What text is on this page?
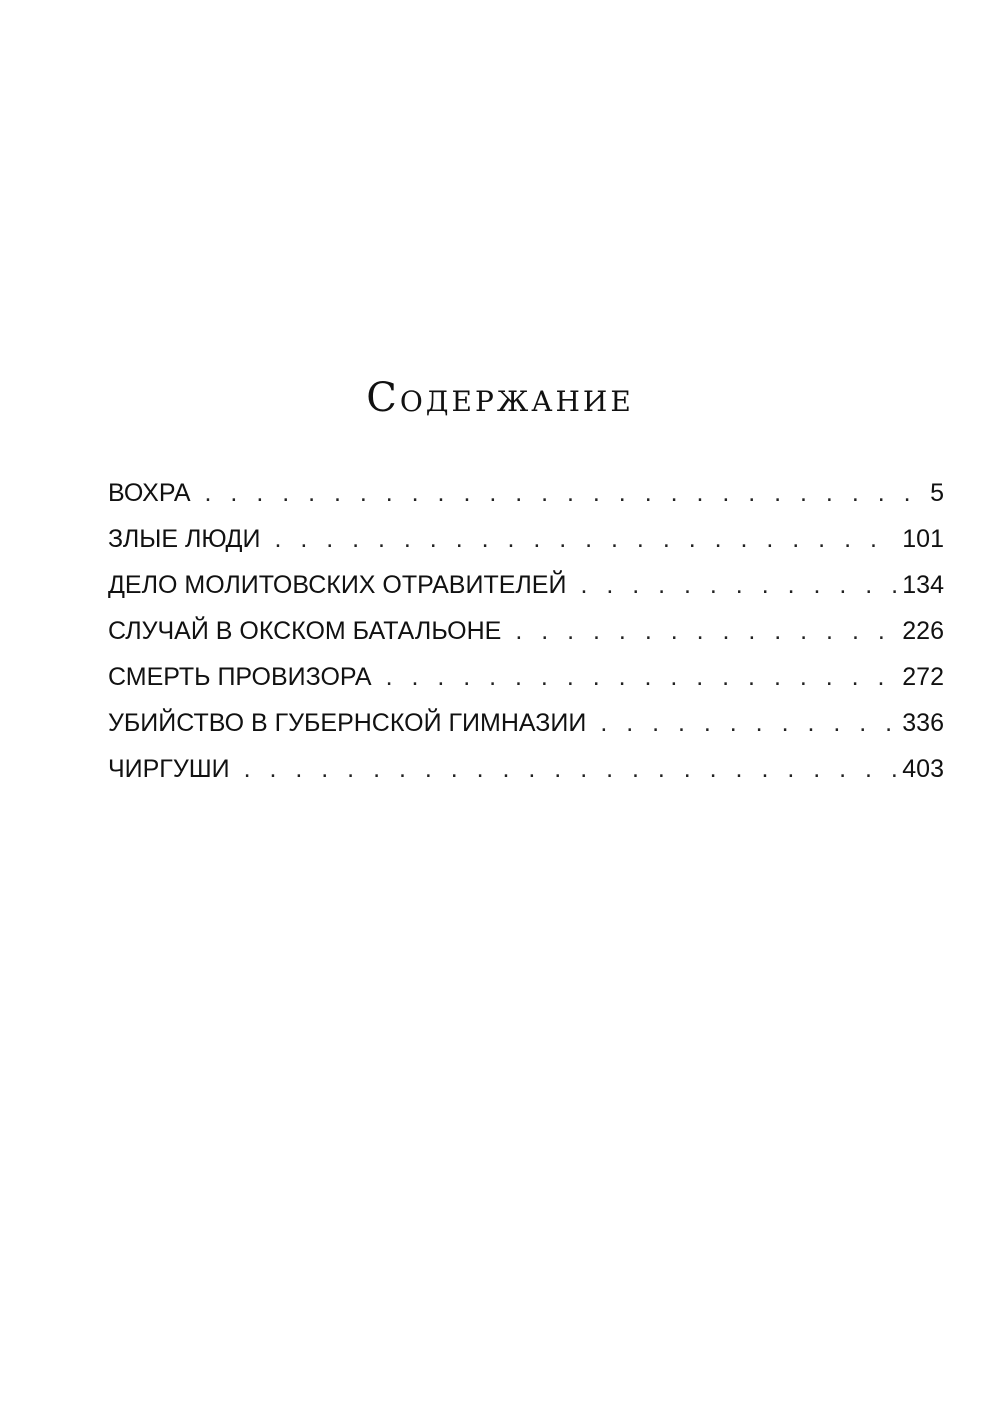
Содержание
ВОХРА . . .	5
ЗЛЫЕ ЛЮДИ . . .	101
ДЕЛО МОЛИТОВСКИХ ОТРАВИТЕЛЕЙ . . .	134
СЛУЧАЙ В ОКСКОМ БАТАЛЬОНЕ . . .	226
СМЕРТЬ ПРОВИЗОРА . . .	272
УБИЙСТВО В ГУБЕРНСКОЙ ГИМНАЗИИ . . .	336
ЧИРГУШИ . . .	403
